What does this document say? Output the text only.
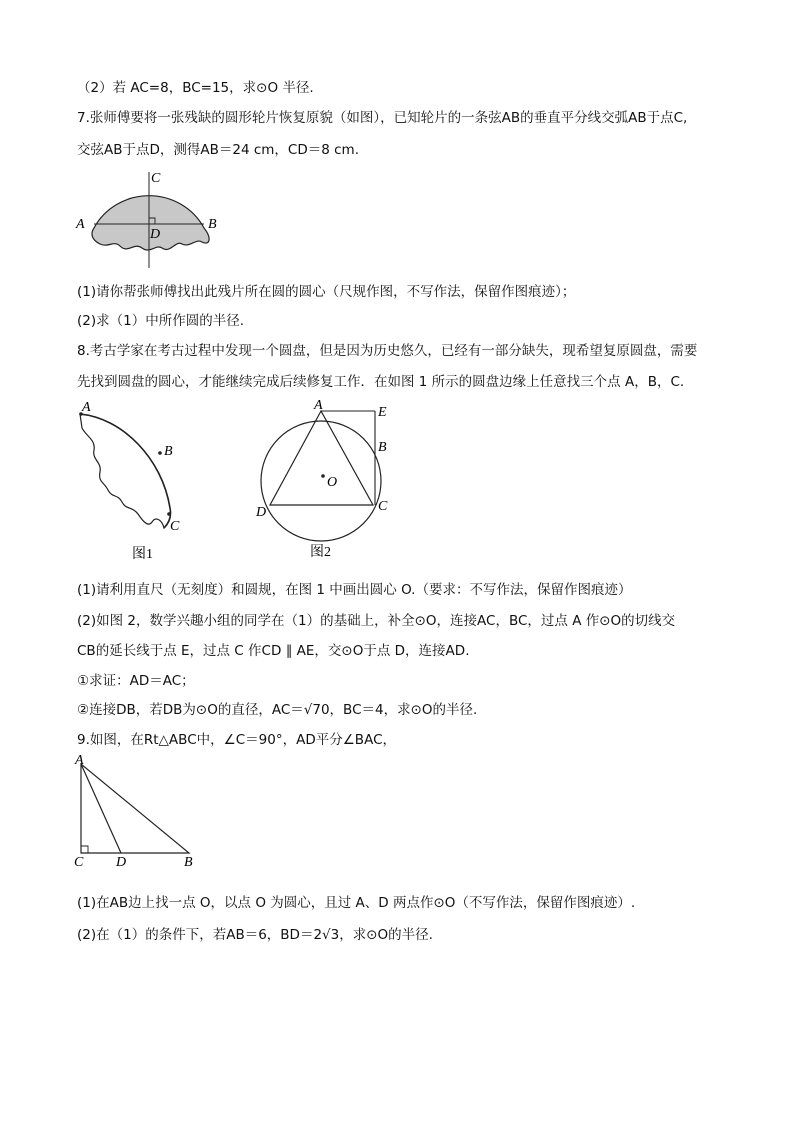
（2）若 AC=8，BC=15，求⊙O 半径.
7.张师傅要将一张残缺的圆形轮片恢复原貌（如图），已知轮片的一条弦AB的垂直平分线交弧AB于点C,
交弦AB于点D，测得AB＝24 cm，CD＝8 cm.
C
A	B
D
(1)请你帮张师傅找出此残片所在圆的圆心（尺规作图，不写作法，保留作图痕迹）；
(2)求（1）中所作圆的半径.
8.考古学家在考古过程中发现一个圆盘，但是因为历史悠久，已经有一部分缺失，现希望复原圆盘，需要
先找到圆盘的圆心，才能继续完成后续修复工作．在如图 1 所示的圆盘边缘上任意找三个点 A，B，C.
A
B
C
图1
A	E
B
O
C
D
图2
(1)请利用直尺（无刻度）和圆规，在图 1 中画出圆心 O.（要求：不写作法，保留作图痕迹）
(2)如图 2，数学兴趣小组的同学在（1）的基础上，补全⊙O，连接AC，BC，过点 A 作⊙O的切线交
CB的延长线于点 E，过点 C 作CD ∥ AE，交⊙O于点 D，连接AD.
①求证：AD＝AC；
②连接DB，若DB为⊙O的直径，AC＝√70，BC＝4，求⊙O的半径.
9.如图，在Rt△ABC中，∠C＝90°，AD平分∠BAC，
A
C D	B
(1)在AB边上找一点 O，以点 O 为圆心，且过 A、D 两点作⊙O（不写作法，保留作图痕迹）.
(2)在（1）的条件下，若AB＝6，BD＝2√3，求⊙O的半径.
